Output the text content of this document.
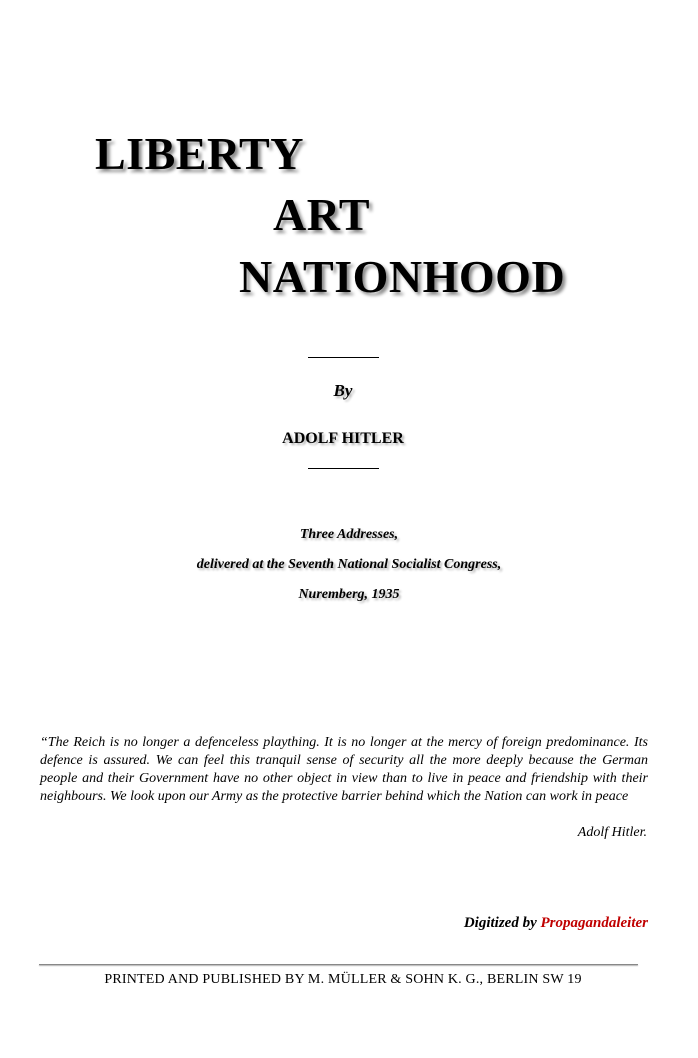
LIBERTY
ART
NATIONHOOD
By
ADOLF HITLER
Three Addresses,
delivered at the Seventh National Socialist Congress,
Nuremberg, 1935
“The Reich is no longer a defenceless plaything. It is no longer at the mercy of foreign predominance. Its defence is assured. We can feel this tranquil sense of security all the more deeply because the German people and their Government have no other object in view than to live in peace and friendship with their neighbours. We look upon our Army as the protective barrier behind which the Nation can work in peace
Adolf Hitler.
Digitized by Propagandaleiter
PRINTED AND PUBLISHED BY M. MÜLLER & SOHN K. G., BERLIN SW 19
